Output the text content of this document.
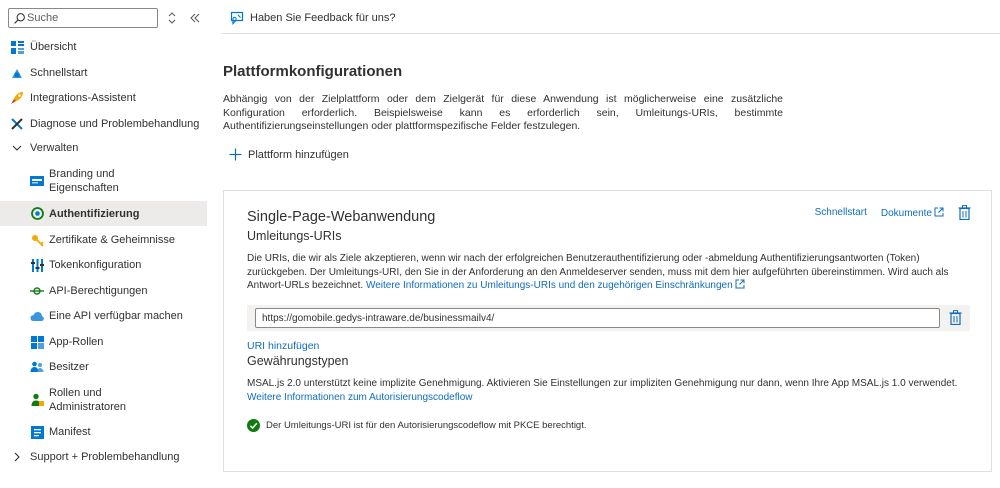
Suche
Übersicht
Schnellstart
Integrations-Assistent
Diagnose und Problembehandlung
Verwalten
Branding und
Eigenschaften
Authentifizierung
Zertifikate & Geheimnisse
Tokenkonfiguration
API-Berechtigungen
Eine API verfügbar machen
App-Rollen
Besitzer
Rollen und
Administratoren
Manifest
Support + Problembehandlung
Haben Sie Feedback für uns?
Plattformkonfigurationen

Abhängig von der Zielplattform oder dem Zielgerät für diese Anwendung ist möglicherweise eine zusätzliche Konfiguration erforderlich. Beispielsweise kann es erforderlich sein, Umleitungs-URIs, bestimmte Authentifizierungseinstellungen oder plattformspezifische Felder festzulegen.

Plattform hinzufügen
Single-Page-Webanwendung	Schnellstart Dokumente
Umleitungs-URIs

Die URIs, die wir als Ziele akzeptieren, wenn wir nach der erfolgreichen Benutzerauthentifizierung oder -abmeldung Authentifizierungsantworten (Token) zurückgeben. Der Umleitungs-URI, den Sie in der Anforderung an den Anmeldeserver senden, muss mit dem hier aufgeführten übereinstimmen. Wird auch als Antwort-URLs bezeichnet. Weitere Informationen zu Umleitungs-URIs und den zugehörigen Einschränkungen

https://gomobile.gedys-intraware.de/businessmailv4/
URI hinzufügen
Gewährungstypen

MSAL.js 2.0 unterstützt keine implizite Genehmigung. Aktivieren Sie Einstellungen zur impliziten Genehmigung nur dann, wenn Ihre App MSAL.js 1.0 verwendet. Weitere Informationen zum Autorisierungscodeflow

Der Umleitungs-URI ist für den Autorisierungscodeflow mit PKCE berechtigt.
